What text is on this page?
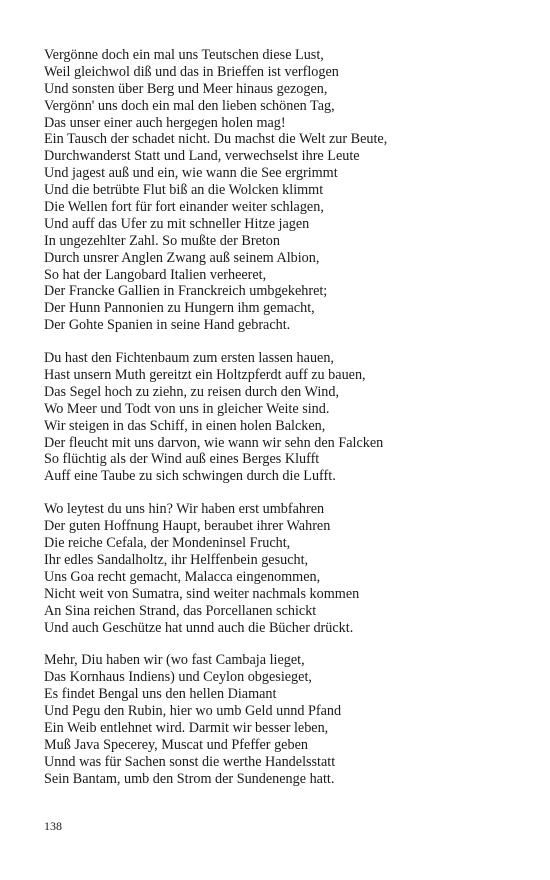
Vergönne doch ein mal uns Teutschen diese Lust,
Weil gleichwol diß und das in Brieffen ist verflogen
Und sonsten über Berg und Meer hinaus gezogen,
Vergönn' uns doch ein mal den lieben schönen Tag,
Das unser einer auch hergegen holen mag!
Ein Tausch der schadet nicht. Du machst die Welt zur Beute,
Durchwanderst Statt und Land, verwechselst ihre Leute
Und jagest auß und ein, wie wann die See ergrimmt
Und die betrübte Flut biß an die Wolcken klimmt
Die Wellen fort für fort einander weiter schlagen,
Und auff das Ufer zu mit schneller Hitze jagen
In ungezehlter Zahl. So mußte der Breton
Durch unsrer Anglen Zwang auß seinem Albion,
So hat der Langobard Italien verheeret,
Der Francke Gallien in Franckreich umbgekehret;
Der Hunn Pannonien zu Hungern ihm gemacht,
Der Gohte Spanien in seine Hand gebracht.
Du hast den Fichtenbaum zum ersten lassen hauen,
Hast unsern Muth gereitzt ein Holtzpferdt auff zu bauen,
Das Segel hoch zu ziehn, zu reisen durch den Wind,
Wo Meer und Todt von uns in gleicher Weite sind.
Wir steigen in das Schiff, in einen holen Balcken,
Der fleucht mit uns darvon, wie wann wir sehn den Falcken
So flüchtig als der Wind auß eines Berges Klufft
Auff eine Taube zu sich schwingen durch die Lufft.
Wo leytest du uns hin? Wir haben erst umbfahren
Der guten Hoffnung Haupt, beraubet ihrer Wahren
Die reiche Cefala, der Mondeninsel Frucht,
Ihr edles Sandalholtz, ihr Helffenbein gesucht,
Uns Goa recht gemacht, Malacca eingenommen,
Nicht weit von Sumatra, sind weiter nachmals kommen
An Sina reichen Strand, das Porcellanen schickt
Und auch Geschütze hat unnd auch die Bücher drückt.
Mehr, Diu haben wir (wo fast Cambaja lieget,
Das Kornhaus Indiens) und Ceylon obgesieget,
Es findet Bengal uns den hellen Diamant
Und Pegu den Rubin, hier wo umb Geld unnd Pfand
Ein Weib entlehnet wird. Darmit wir besser leben,
Muß Java Specerey, Muscat und Pfeffer geben
Unnd was für Sachen sonst die werthe Handelsstatt
Sein Bantam, umb den Strom der Sundenenge hatt.
138
